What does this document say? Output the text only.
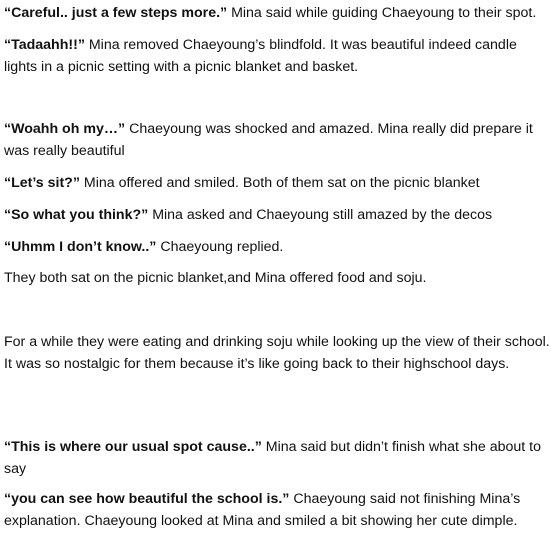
“Careful.. just a few steps more.” Mina said while guiding Chaeyoung to their spot.

“Tadaahh!!” Mina removed Chaeyoung’s blindfold. It was beautiful indeed candle lights in a picnic setting with a picnic blanket and basket.

“Woahh oh my…” Chaeyoung was shocked and amazed. Mina really did prepare it was really beautiful

“Let’s sit?” Mina offered and smiled. Both of them sat on the picnic blanket

“So what you think?” Mina asked and Chaeyoung still amazed by the decos

“Uhmm I don’t know..” Chaeyoung replied.

They both sat on the picnic blanket,and Mina offered food and soju.

For a while they were eating and drinking soju while looking up the view of their school. It was so nostalgic for them because it’s like going back to their highschool days.

“This is where our usual spot cause..” Mina said but didn’t finish what she about to say

“you can see how beautiful the school is.” Chaeyoung said not finishing Mina’s explanation. Chaeyoung looked at Mina and smiled a bit showing her cute dimple.
